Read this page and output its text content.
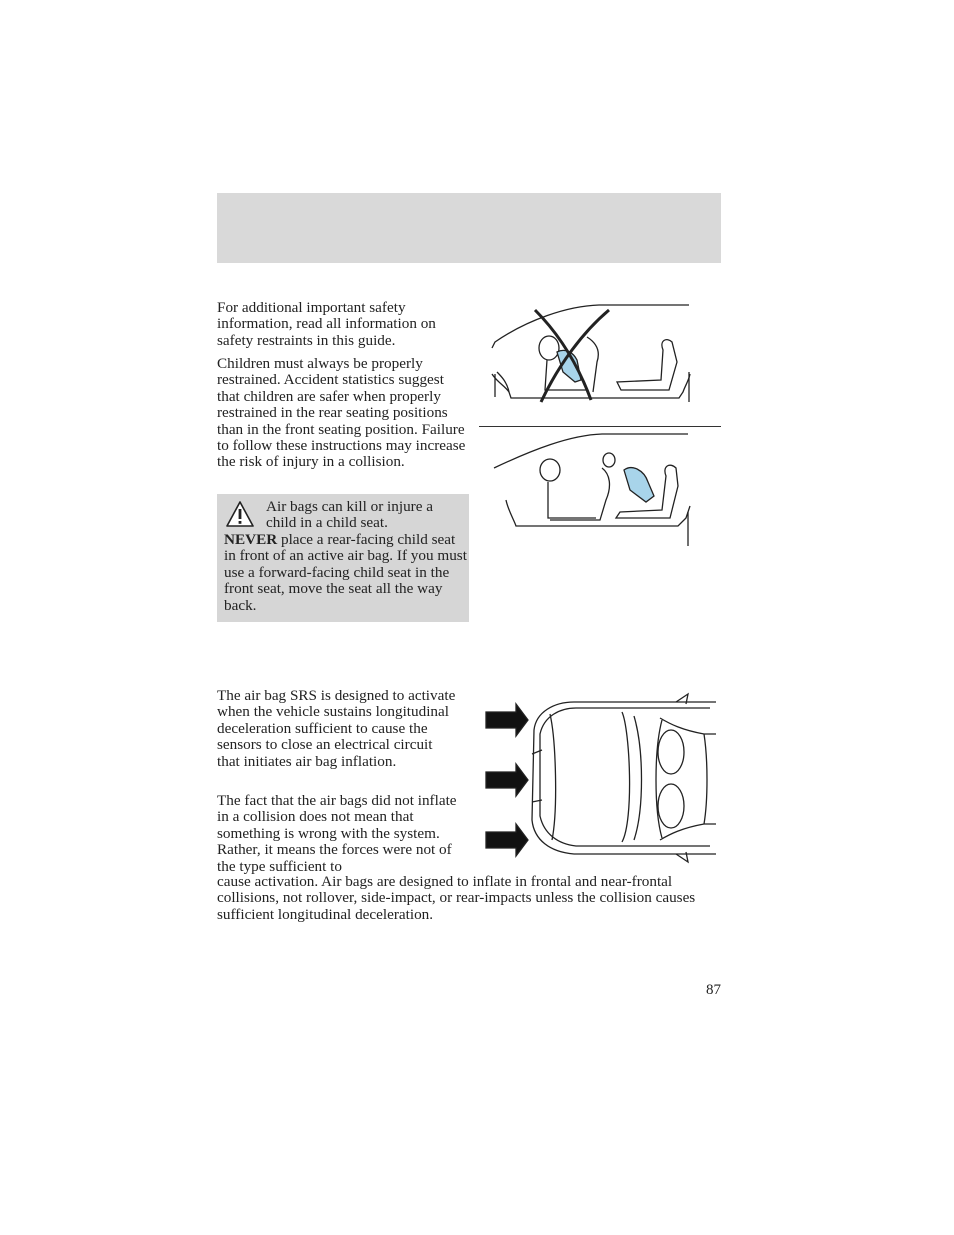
For additional important safety information, read all information on safety restraints in this guide.

Children must always be properly restrained. Accident statistics suggest that children are safer when properly restrained in the rear seating positions than in the front seating position. Failure to follow these instructions may increase the risk of injury in a collision.

Air bags can kill or injure a child in a child seat.
NEVER place a rear-facing child seat in front of an active air bag. If you must use a forward-facing child seat in the front seat, move the seat all the way back.

The air bag SRS is designed to activate when the vehicle sustains longitudinal deceleration sufficient to cause the sensors to close an electrical circuit that initiates air bag inflation.

The fact that the air bags did not inflate in a collision does not mean that something is wrong with the system. Rather, it means the forces were not of the type sufficient to

cause activation. Air bags are designed to inflate in frontal and near-frontal collisions, not rollover, side-impact, or rear-impacts unless the collision causes sufficient longitudinal deceleration.

87
